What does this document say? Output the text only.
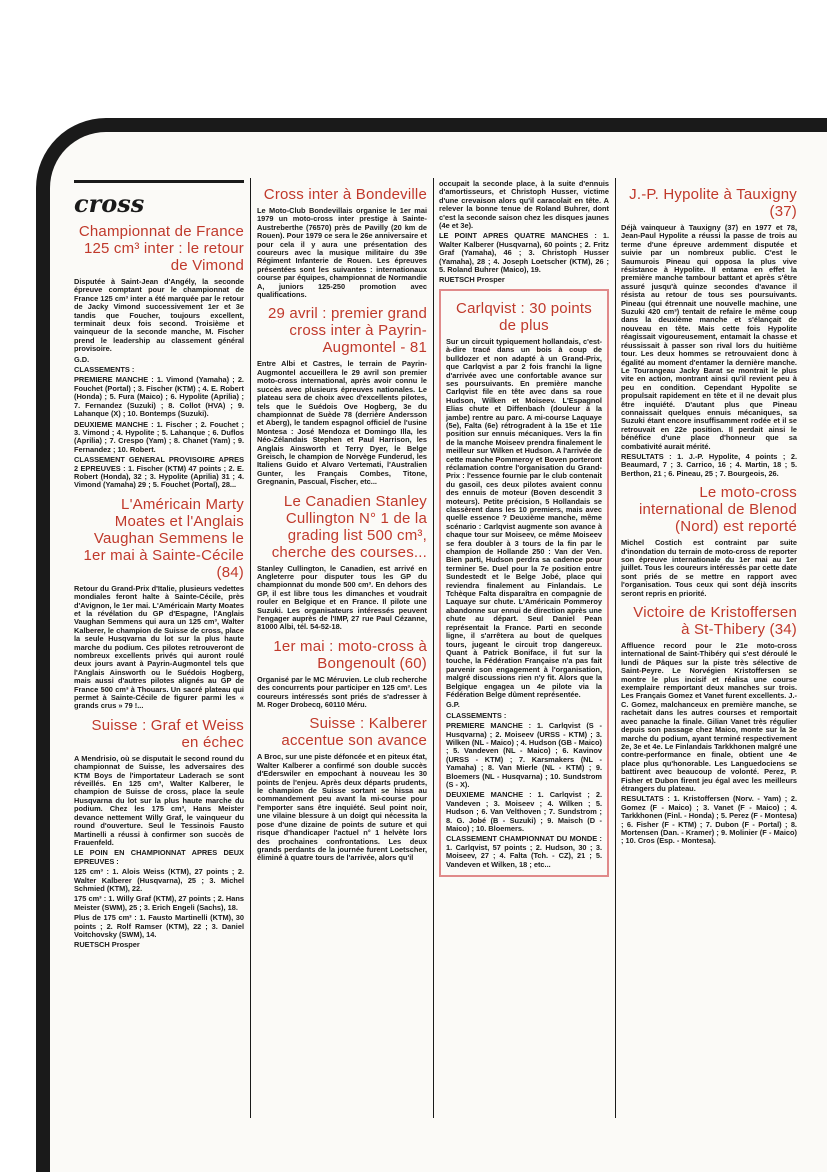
cross
Championnat de France 125 cm³ inter : le retour de Vimond

Disputée à Saint-Jean d'Angély, la seconde épreuve comptant pour le championnat de France 125 cm³ inter a été marquée par le retour de Jacky Vimond successivement 1er et 3e tandis que Foucher, toujours excellent, terminait deux fois second. Troisième et vainqueur de la seconde manche, M. Fischer prend le leadership au classement général provisoire.

G.D.

CLASSEMENTS :

PREMIERE MANCHE : 1. Vimond (Yamaha) ; 2. Fouchet (Portal) ; 3. Fischer (KTM) ; 4. E. Robert (Honda) ; 5. Fura (Maico) ; 6. Hypolite (Aprilia) ; 7. Fernandez (Suzuki) ; 8. Collot (HVA) ; 9. Lahanque (X) ; 10. Bontemps (Suzuki).

DEUXIEME MANCHE : 1. Fischer ; 2. Fouchet ; 3. Vimond ; 4. Hypolite ; 5. Lahanque ; 6. Duflos (Aprilia) ; 7. Crespo (Yam) ; 8. Chanet (Yam) ; 9. Fernandez ; 10. Robert.

CLASSEMENT GENERAL PROVISOIRE APRES 2 EPREUVES : 1. Fischer (KTM) 47 points ; 2. E. Robert (Honda), 32 ; 3. Hypolite (Aprilia) 31 ; 4. Vimond (Yamaha) 29 ; 5. Fouchet (Portal), 28...

L'Américain Marty Moates et l'Anglais Vaughan Semmens le 1er mai à Sainte-Cécile (84)

Retour du Grand-Prix d'Italie, plusieurs vedettes mondiales feront halte à Sainte-Cécile, près d'Avignon, le 1er mai. L'Américain Marty Moates et la révélation du GP d'Espagne, l'Anglais Vaughan Semmens qui aura un 125 cm³, Walter Kalberer, le champion de Suisse de cross, place la seule Husqvarna du lot sur la plus haute marche du podium. Ces pilotes retrouveront de nombreux excellents privés qui auront roulé deux jours avant à Payrin-Augmontel tels que l'Anglais Ainsworth ou le Suédois Hogberg, mais aussi d'autres pilotes alignés au GP de France 500 cm³ à Thouars. Un sacré plateau qui permet à Sainte-Cécile de figurer parmi les « grands crus » 79 !...

Suisse : Graf et Weiss en échec

A Mendrisio, où se disputait le second round du championnat de Suisse, les adversaires des KTM Boys de l'importateur Laderach se sont réveillés. En 125 cm³, Walter Kalberer, le champion de Suisse de cross, place la seule Husqvarna du lot sur la plus haute marche du podium. Chez les 175 cm³, Hans Meister devance nettement Willy Graf, le vainqueur du round d'ouverture. Seul le Tessinois Fausto Martinelli a réussi à confirmer son succès de Frauenfeld.

LE POIN EN CHAMPIONNAT APRES DEUX EPREUVES :

125 cm³ : 1. Alois Weiss (KTM), 27 points ; 2. Walter Kalberer (Husqvarna), 25 ; 3. Michel Schmied (KTM), 22.

175 cm³ : 1. Willy Graf (KTM), 27 points ; 2. Hans Meister (SWM), 25 ; 3. Erich Engeli (Sachs), 18.

Plus de 175 cm³ : 1. Fausto Martinelli (KTM), 30 points ; 2. Rolf Ramser (KTM), 22 ; 3. Daniel Voitchovsky (SWM), 14.

RUETSCH Prosper

Cross inter à Bondeville

Le Moto-Club Bondevillais organise le 1er mai 1979 un moto-cross inter prestige à Sainte-Austreberthe (76570) près de Pavilly (20 km de Rouen). Pour 1979 ce sera le 26e anniversaire et pour cela il y aura une présentation des coureurs avec la musique militaire du 39e Régiment Infanterie de Rouen. Les épreuves présentées sont les suivantes : internationaux course par équipes, championnat de Normandie A, juniors 125-250 promotion avec qualifications.

29 avril : premier grand cross inter à Payrin-Augmontel - 81

Entre Albi et Castres, le terrain de Payrin-Augmontel accueillera le 29 avril son premier moto-cross international, après avoir connu le succès avec plusieurs épreuves nationales. Le plateau sera de choix avec d'excellents pilotes, tels que le Suédois Ove Hogberg, 3e du championnat de Suède 78 (derrière Andersson et Aberg), le tandem espagnol officiel de l'usine Montesa : José Mendoza et Domingo Illa, les Néo-Zélandais Stephen et Paul Harrison, les Anglais Ainsworth et Terry Dyer, le Belge Greisch, le champion de Norvège Funderud, les Italiens Guido et Alvaro Vertemati, l'Australien Gunter, les Français Combes, Titone, Gregnanin, Pascual, Fischer, etc...

Le Canadien Stanley Cullington N° 1 de la grading list 500 cm³, cherche des courses...

Stanley Cullington, le Canadien, est arrivé en Angleterre pour disputer tous les GP du championnat du monde 500 cm³. En dehors des GP, il est libre tous les dimanches et voudrait rouler en Belgique et en France. Il pilote une Suzuki. Les organisateurs intéressés peuvent l'engager auprès de l'IMP, 27 rue Paul Cézanne, 81000 Albi, tél. 54-52-18.

1er mai : moto-cross à Bongenoult (60)

Organisé par le MC Méruvien. Le club recherche des concurrents pour participer en 125 cm³. Les coureurs intéressés sont priés de s'adresser à M. Roger Drobecq, 60110 Méru.

Suisse : Kalberer accentue son avance

A Broc, sur une piste défoncée et en piteux état, Walter Kalberer a confirmé son double succès d'Ederswiler en empochant à nouveau les 30 points de l'enjeu. Après deux départs prudents, le champion de Suisse sortant se hissa au commandement peu avant la mi-course pour l'emporter sans être inquiété. Seul point noir, une vilaine blessure à un doigt qui nécessita la pose d'une dizaine de points de suture et qui risque d'handicaper l'actuel n° 1 helvète lors des prochaines confrontations. Les deux grands perdants de la journée furent Loetscher, éliminé à quatre tours de l'arrivée, alors qu'il

occupait la seconde place, à la suite d'ennuis d'amortisseurs, et Christoph Husser, victime d'une crevaison alors qu'il caracolait en tête. A relever la bonne tenue de Roland Buhrer, dont c'est la seconde saison chez les disques jaunes (4e et 3e).

LE POINT APRES QUATRE MANCHES : 1. Walter Kalberer (Husqvarna), 60 points ; 2. Fritz Graf (Yamaha), 46 ; 3. Christoph Husser (Yamaha), 28 ; 4. Joseph Loetscher (KTM), 26 ; 5. Roland Buhrer (Maico), 19.

RUETSCH Prosper

Carlqvist : 30 points de plus

Sur un circuit typiquement hollandais, c'est-à-dire tracé dans un bois à coup de bulldozer et non adapté à un Grand-Prix, que Carlqvist a par 2 fois franchi la ligne d'arrivée avec une confortable avance sur ses poursuivants. En première manche Carlqvist file en tête avec dans sa roue Hudson, Wilken et Moiseev. L'Espagnol Elias chute et Diffenbach (douleur à la jambe) rentre au parc. A mi-course Laquaye (5e), Falta (6e) rétrogradent à la 15e et 11e position sur ennuis mécaniques. Vers la fin de la manche Moiseev prendra finalement le meilleur sur Wilken et Hudson. A l'arrivée de cette manche Pommeroy et Boven porteront réclamation contre l'organisation du Grand-Prix : l'essence fournie par le club contenait du gasoil, ces deux pilotes avaient connu des ennuis de moteur (Boven descendit 3 moteurs). Petite précision, 5 Hollandais se classèrent dans les 10 premiers, mais avec quelle essence ? Deuxième manche, même scénario : Carlqvist augmente son avance à chaque tour sur Moiseev, ce même Moiseev se fera doubler à 3 tours de la fin par le champion de Hollande 250 : Van der Ven. Bien parti, Hudson perdra sa cadence pour terminer 5e. Duel pour la 7e position entre Sundestedt et le Belge Jobé, place qui reviendra finalement au Finlandais. Le Tchèque Falta disparaîtra en compagnie de Laquaye sur chute. L'Américain Pommeroy abandonne sur ennui de direction après une chute au départ. Seul Daniel Pean représentait la France. Parti en seconde ligne, il s'arrêtera au bout de quelques tours, jugeant le circuit trop dangereux. Quant à Patrick Boniface, il fut sur la touche, la Fédération Française n'a pas fait parvenir son engagement à l'organisation, malgré discussions rien n'y fit. Alors que la Belgique engagea un 4e pilote via la Fédération Belge dûment représentée.

G.P.

CLASSEMENTS :

PREMIERE MANCHE : 1. Carlqvist (S - Husqvarna) ; 2. Moiseev (URSS - KTM) ; 3. Wilken (NL - Maico) ; 4. Hudson (GB - Maico) ; 5. Vandeven (NL - Maico) ; 6. Kavinov (URSS - KTM) ; 7. Karsmakers (NL - Yamaha) ; 8. Van Mierle (NL - KTM) ; 9. Bloemers (NL - Husqvarna) ; 10. Sundstrom (S - X).

DEUXIEME MANCHE : 1. Carlqvist ; 2. Vandeven ; 3. Moiseev ; 4. Wilken ; 5. Hudson ; 6. Van Velthoven ; 7. Sundstrom ; 8. G. Jobé (B - Suzuki) ; 9. Maisch (D - Maico) ; 10. Bloemers.

CLASSEMENT CHAMPIONNAT DU MONDE : 1. Carlqvist, 57 points ; 2. Hudson, 30 ; 3. Moiseev, 27 ; 4. Falta (Tch. - CZ), 21 ; 5. Vandeven et Wilken, 18 ; etc...

J.-P. Hypolite à Tauxigny (37)

Déjà vainqueur à Tauxigny (37) en 1977 et 78, Jean-Paul Hypolite a réussi la passe de trois au terme d'une épreuve ardemment disputée et suivie par un nombreux public. C'est le Saumurois Pineau qui opposa la plus vive résistance à Hypolite. Il entama en effet la première manche tambour battant et après s'être assuré jusqu'à quinze secondes d'avance il résista au retour de tous ses poursuivants. Pineau (qui étrennait une nouvelle machine, une Suzuki 420 cm³) tentait de refaire le même coup dans la deuxième manche et s'élançait de nouveau en tête. Mais cette fois Hypolite réagissait vigoureusement, entamait la chasse et réussissait à passer son rival lors du huitième tour. Les deux hommes se retrouvaient donc à égalité au moment d'entamer la dernière manche. Le Tourangeau Jacky Barat se montrait le plus vite en action, montrant ainsi qu'il revient peu à peu en condition. Cependant Hypolite se propulsait rapidement en tête et il ne devait plus être inquiété. D'autant plus que Pineau connaissait quelques ennuis mécaniques, sa Suzuki étant encore insuffisamment rodée et il se retrouvait en 22e position. Il perdait ainsi le bénéfice d'une place d'honneur que sa combativité aurait mérité.

RESULTATS : 1. J.-P. Hypolite, 4 points ; 2. Beaumard, 7 ; 3. Carrico, 16 ; 4. Martin, 18 ; 5. Berthon, 21 ; 6. Pineau, 25 ; 7. Bourgeois, 26.

Le moto-cross international de Blenod (Nord) est reporté

Michel Costich est contraint par suite d'inondation du terrain de moto-cross de reporter son épreuve internationale du 1er mai au 1er juillet. Tous les coureurs intéressés par cette date sont priés de se mettre en rapport avec l'organisation. Tous ceux qui sont déjà inscrits seront repris en priorité.

Victoire de Kristoffersen à St-Thibery (34)

Affluence record pour le 21e moto-cross international de Saint-Thibéry qui s'est déroulé le lundi de Pâques sur la piste très sélective de Saint-Peyre. Le Norvégien Kristoffersen se montre le plus incisif et réalisa une course exemplaire remportant deux manches sur trois. Les Français Gomez et Vanet furent excellents. J.-C. Gomez, malchanceux en première manche, se rachetait dans les autres courses et remportait avec panache la finale. Gilian Vanet très régulier depuis son passage chez Maico, monte sur la 3e marche du podium, ayant terminé respectivement 2e, 3e et 4e. Le Finlandais Tarkkhonen malgré une contre-performance en finale, obtient une 4e place plus qu'honorable. Les Languedociens se battirent avec beaucoup de volonté. Perez, P. Fisher et Dubon firent jeu égal avec les meilleurs étrangers du plateau.

RESULTATS : 1. Kristoffersen (Norv. - Yam) ; 2. Gomez (F - Maico) ; 3. Vanet (F - Maico) ; 4. Tarkkhonen (Finl. - Honda) ; 5. Perez (F - Montesa) ; 6. Fisher (F - KTM) ; 7. Dubon (F - Portal) ; 8. Mortensen (Dan. - Kramer) ; 9. Molinier (F - Maico) ; 10. Cros (Esp. - Montesa).
